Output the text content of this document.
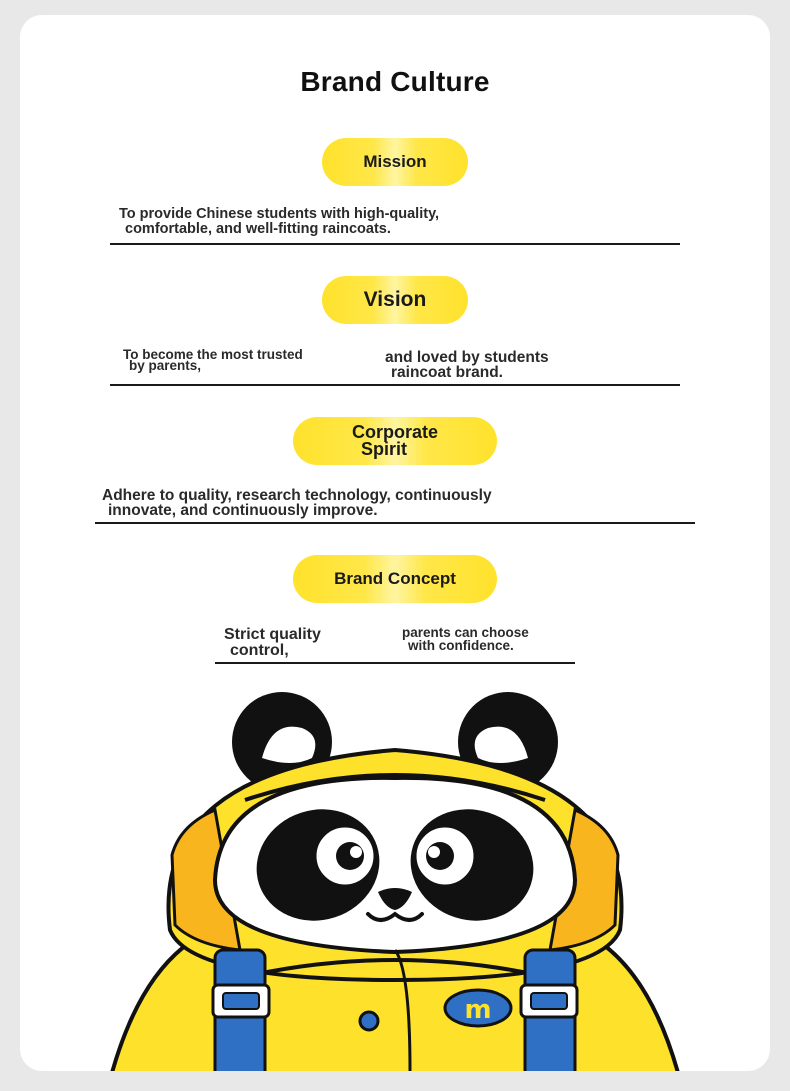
Brand Culture
Mission
To provide Chinese students with high-quality,
comfortable, and well-fitting raincoats.
Vision
To become the most trusted
by parents,	and loved by students
raincoat brand.
Corporate
Spirit
Adhere to quality, research technology, continuously
innovate, and continuously improve.
Brand Concept
Strict quality
control,
parents can choose
with confidence.
m
